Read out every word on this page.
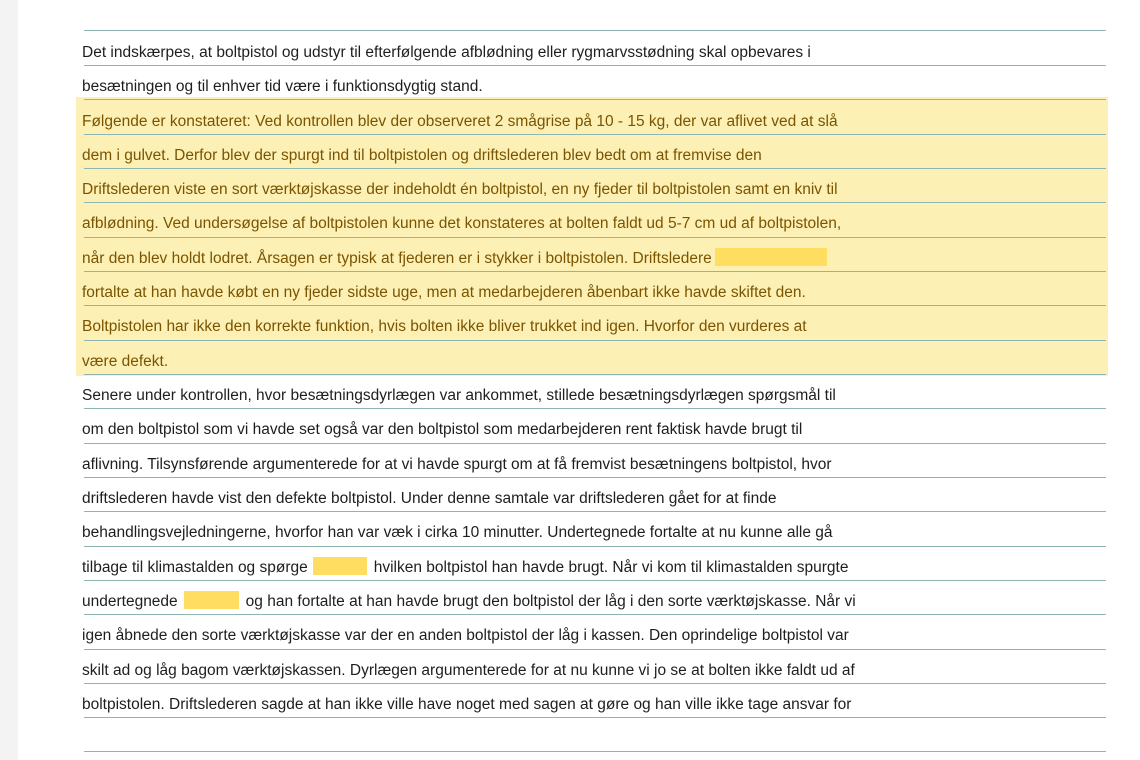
Det indskærpes, at boltpistol og udstyr til efterfølgende afblødning eller rygmarvsstødning skal opbevares i
besætningen og til enhver tid være i funktionsdygtig stand.
Følgende er konstateret: Ved kontrollen blev der observeret 2 smågrise på 10 - 15 kg, der var aflivet ved at slå
dem i gulvet. Derfor blev der spurgt ind til boltpistolen og driftslederen blev bedt om at fremvise den
Driftslederen viste en sort værktøjskasse der indeholdt én boltpistol, en ny fjeder til boltpistolen samt en kniv til
afblødning. Ved undersøgelse af boltpistolen kunne det konstateres at bolten faldt ud 5-7 cm ud af boltpistolen,
når den blev holdt lodret. Årsagen er typisk at fjederen er i stykker i boltpistolen. Driftsledere
fortalte at han havde købt en ny fjeder sidste uge, men at medarbejderen åbenbart ikke havde skiftet den.
Boltpistolen har ikke den korrekte funktion, hvis bolten ikke bliver trukket ind igen. Hvorfor den vurderes at
være defekt.
Senere under kontrollen, hvor besætningsdyrlægen var ankommet, stillede besætningsdyrlægen spørgsmål til
om den boltpistol som vi havde set også var den boltpistol som medarbejderen rent faktisk havde brugt til
aflivning. Tilsynsførende argumenterede for at vi havde spurgt om at få fremvist besætningens boltpistol, hvor
driftslederen havde vist den defekte boltpistol. Under denne samtale var driftslederen gået for at finde
behandlingsvejledningerne, hvorfor han var væk i cirka 10 minutter. Undertegnede fortalte at nu kunne alle gå
tilbage til klimastalden og spørge	hvilken boltpistol han havde brugt. Når vi kom til klimastalden spurgte
undertegnede	og han fortalte at han havde brugt den boltpistol der låg i den sorte værktøjskasse. Når vi
igen åbnede den sorte værktøjskasse var der en anden boltpistol der låg i kassen. Den oprindelige boltpistol var
skilt ad og låg bagom værktøjskassen. Dyrlægen argumenterede for at nu kunne vi jo se at bolten ikke faldt ud af
boltpistolen. Driftslederen sagde at han ikke ville have noget med sagen at gøre og han ville ikke tage ansvar for
